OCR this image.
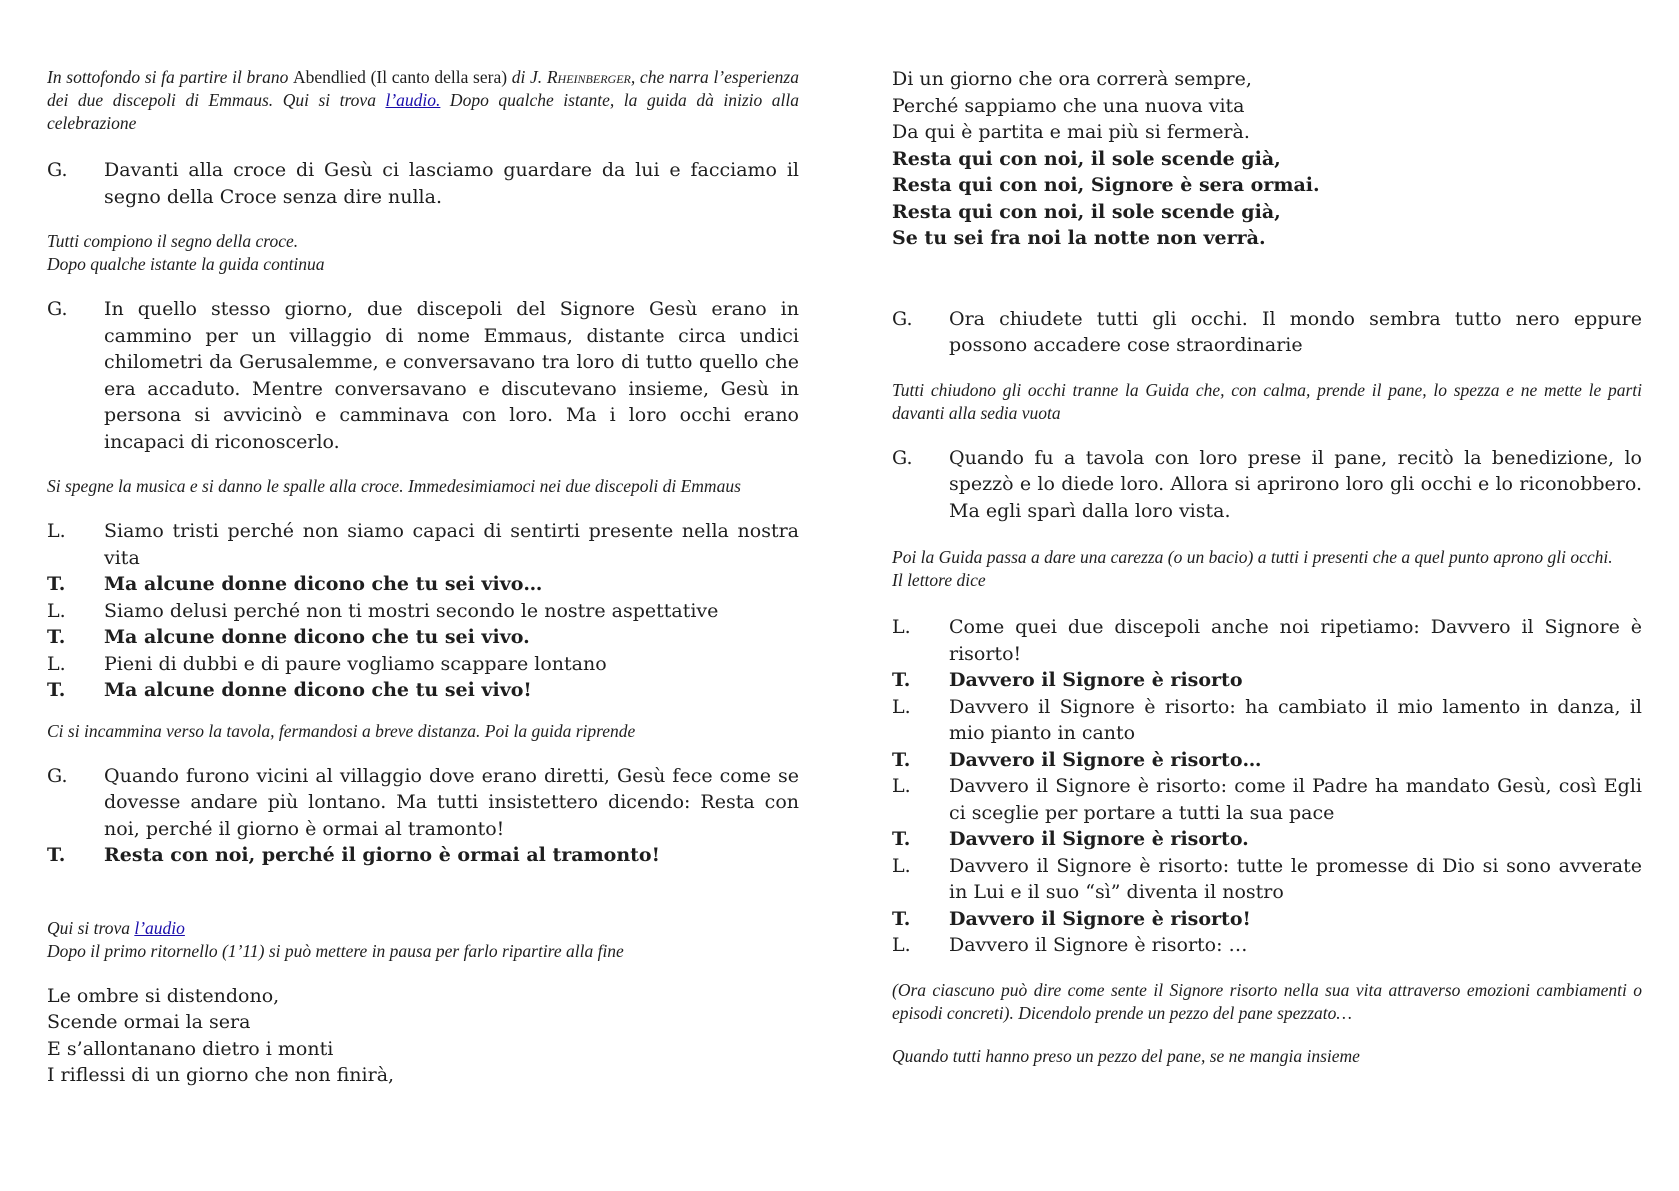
In sottofondo si fa partire il brano Abendlied (Il canto della sera) di J. Rheinberger, che narra l’esperienza dei due discepoli di Emmaus. Qui si trova l’audio. Dopo qualche istante, la guida dà inizio alla celebrazione

G.	Davanti alla croce di Gesù ci lasciamo guardare da lui e facciamo il segno della Croce senza dire nulla.

Tutti compiono il segno della croce.
Dopo qualche istante la guida continua

G.	In quello stesso giorno, due discepoli del Signore Gesù erano in cammino per un villaggio di nome Emmaus, distante circa undici chilometri da Gerusalemme, e conversavano tra loro di tutto quello che era accaduto. Mentre conversavano e discutevano insieme, Gesù in persona si avvicinò e camminava con loro. Ma i loro occhi erano incapaci di riconoscerlo.

Si spegne la musica e si danno le spalle alla croce. Immedesimiamoci nei due discepoli di Emmaus

L.	Siamo tristi perché non siamo capaci di sentirti presente nella nostra vita
T.	Ma alcune donne dicono che tu sei vivo…
L.	Siamo delusi perché non ti mostri secondo le nostre aspettative
T.	Ma alcune donne dicono che tu sei vivo.
L.	Pieni di dubbi e di paure vogliamo scappare lontano
T.	Ma alcune donne dicono che tu sei vivo!

Ci si incammina verso la tavola, fermandosi a breve distanza. Poi la guida riprende

G.	Quando furono vicini al villaggio dove erano diretti, Gesù fece come se dovesse andare più lontano. Ma tutti insistettero dicendo: Resta con noi, perché il giorno è ormai al tramonto!
T.	Resta con noi, perché il giorno è ormai al tramonto!

Qui si trova l’audio
Dopo il primo ritornello (1’11) si può mettere in pausa per farlo ripartire alla fine

Le ombre si distendono,
Scende ormai la sera
E s’allontanano dietro i monti
I riflessi di un giorno che non finirà,
Di un giorno che ora correrà sempre,
Perché sappiamo che una nuova vita
Da qui è partita e mai più si fermerà.
Resta qui con noi, il sole scende già,
Resta qui con noi, Signore è sera ormai.
Resta qui con noi, il sole scende già,
Se tu sei fra noi la notte non verrà.
G.	Ora chiudete tutti gli occhi. Il mondo sembra tutto nero eppure possono accadere cose straordinarie

Tutti chiudono gli occhi tranne la Guida che, con calma, prende il pane, lo spezza e ne mette le parti davanti alla sedia vuota

G.	Quando fu a tavola con loro prese il pane, recitò la benedizione, lo spezzò e lo diede loro. Allora si aprirono loro gli occhi e lo riconobbero. Ma egli sparì dalla loro vista.

Poi la Guida passa a dare una carezza (o un bacio) a tutti i presenti che a quel punto aprono gli occhi.
Il lettore dice

L.	Come quei due discepoli anche noi ripetiamo: Davvero il Signore è risorto!
T.	Davvero il Signore è risorto
L.	Davvero il Signore è risorto: ha cambiato il mio lamento in danza, il mio pianto in canto
T.	Davvero il Signore è risorto…
L.	Davvero il Signore è risorto: come il Padre ha mandato Gesù, così Egli ci sceglie per portare a tutti la sua pace
T.	Davvero il Signore è risorto.
L.	Davvero il Signore è risorto: tutte le promesse di Dio si sono avverate in Lui e il suo “sì” diventa il nostro
T.	Davvero il Signore è risorto!
L.	Davvero il Signore è risorto: …

(Ora ciascuno può dire come sente il Signore risorto nella sua vita attraverso emozioni cambiamenti o episodi concreti). Dicendolo prende un pezzo del pane spezzato…

Quando tutti hanno preso un pezzo del pane, se ne mangia insieme
